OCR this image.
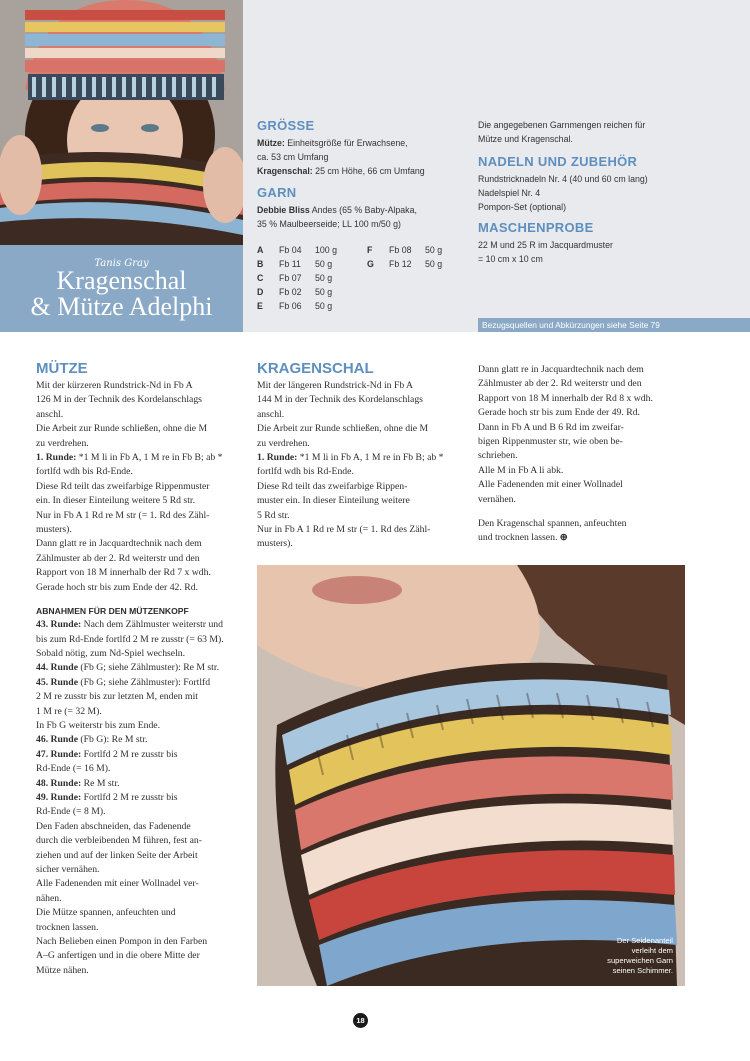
Tanis Gray
Kragenschal
& Mütze Adelphi
GRÖSSE
Mütze: Einheitsgröße für Erwachsene,
ca. 53 cm Umfang
Kragenschal: 25 cm Höhe, 66 cm Umfang
GARN
Debbie Bliss Andes (65 % Baby-Alpaka,
35 % Maulbeerseide; LL 100 m/50 g)
A	Fb 04	100 g
B	Fb 11	50 g
C	Fb 07	50 g
D	Fb 02	50 g
E	Fb 06	50 g
F	Fb 08	50 g
G	Fb 12	50 g
Die angegebenen Garnmengen reichen für
Mütze und Kragenschal.
NADELN UND ZUBEHÖR
Rundstricknadeln Nr. 4 (40 und 60 cm lang)
Nadelspiel Nr. 4
Pompon-Set (optional)
MASCHENPROBE
22 M und 25 R im Jacquardmuster
= 10 cm x 10 cm
Bezugsquellen und Abkürzungen siehe Seite 79
MÜTZE

Mit der kürzeren Rundstrick-Nd in Fb A
126 M in der Technik des Kordelanschlags
anschl.
Die Arbeit zur Runde schließen, ohne die M
zu verdrehen.

1. Runde: *1 M li in Fb A, 1 M re in Fb B; ab *
fortlfd wdh bis Rd-Ende.

Diese Rd teilt das zweifarbige Rippenmuster
ein. In dieser Einteilung weitere 5 Rd str.
Nur in Fb A 1 Rd re M str (= 1. Rd des Zähl-
musters).
Dann glatt re in Jacquardtechnik nach dem
Zählmuster ab der 2. Rd weiterstr und den
Rapport von 18 M innerhalb der Rd 7 x wdh.
Gerade hoch str bis zum Ende der 42. Rd.

ABNAHMEN FÜR DEN MÜTZENKOPF

43. Runde: Nach dem Zählmuster weiterstr und
bis zum Rd-Ende fortlfd 2 M re zusstr (= 63 M).
Sobald nötig, zum Nd-Spiel wechseln.

44. Runde (Fb G; siehe Zählmuster): Re M str.

45. Runde (Fb G; siehe Zählmuster): Fortlfd
2 M re zusstr bis zur letzten M, enden mit
1 M re (= 32 M).
In Fb G weiterstr bis zum Ende.

46. Runde (Fb G): Re M str.

47. Runde: Fortlfd 2 M re zusstr bis
Rd-Ende (= 16 M).

48. Runde: Re M str.

49. Runde: Fortlfd 2 M re zusstr bis
Rd-Ende (= 8 M).

Den Faden abschneiden, das Fadenende
durch die verbleibenden M führen, fest an-
ziehen und auf der linken Seite der Arbeit
sicher vernähen.
Alle Fadenenden mit einer Wollnadel ver-
nähen.
Die Mütze spannen, anfeuchten und
trocknen lassen.
Nach Belieben einen Pompon in den Farben
A–G anfertigen und in die obere Mitte der
Mütze nähen.

KRAGENSCHAL

Mit der längeren Rundstrick-Nd in Fb A
144 M in der Technik des Kordelanschlags
anschl.
Die Arbeit zur Runde schließen, ohne die M
zu verdrehen.

1. Runde: *1 M li in Fb A, 1 M re in Fb B; ab *
fortlfd wdh bis Rd-Ende.

Diese Rd teilt das zweifarbige Rippen-
muster ein. In dieser Einteilung weitere
5 Rd str.
Nur in Fb A 1 Rd re M str (= 1. Rd des Zähl-
musters).

Dann glatt re in Jacquardtechnik nach dem
Zählmuster ab der 2. Rd weiterstr und den
Rapport von 18 M innerhalb der Rd 8 x wdh.
Gerade hoch str bis zum Ende der 49. Rd.
Dann in Fb A und B 6 Rd im zweifar-
bigen Rippenmuster str, wie oben be-
schrieben.
Alle M in Fb A li abk.
Alle Fadenenden mit einer Wollnadel
vernähen.

Den Kragenschal spannen, anfeuchten
und trocknen lassen. ⊕

Der Seidenanteil
verleiht dem
superweichen Garn
seinen Schimmer.
18
